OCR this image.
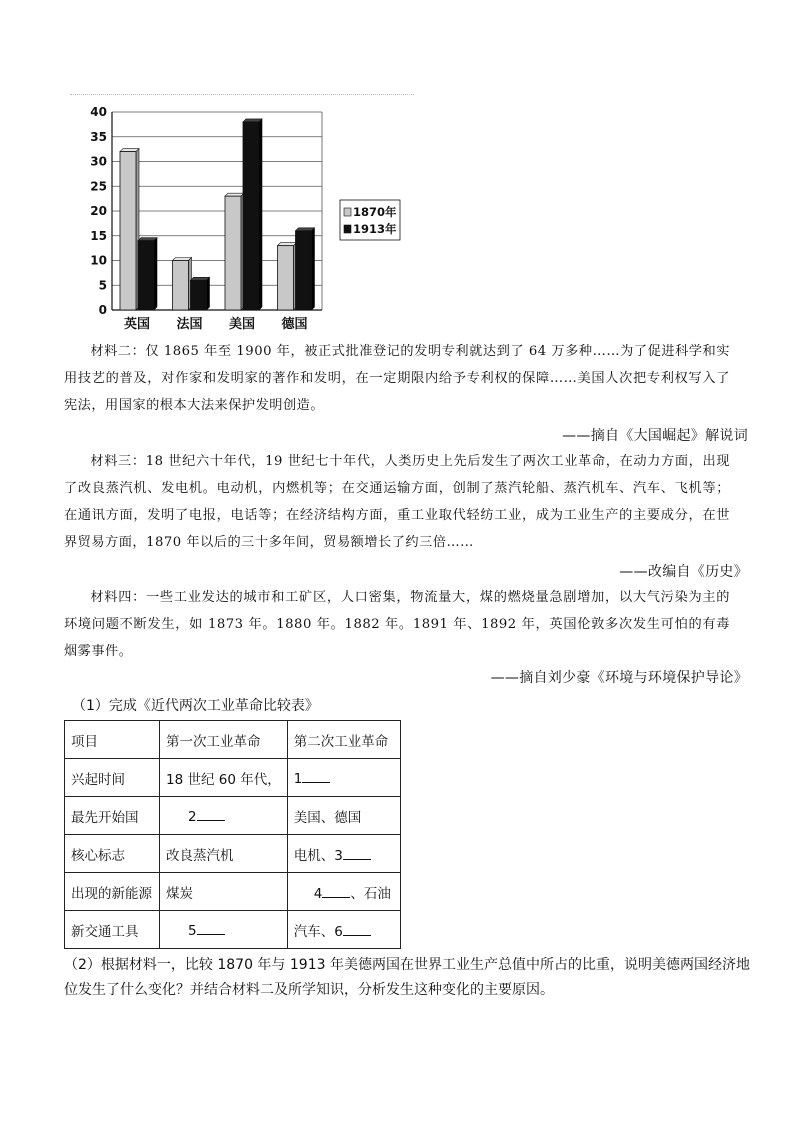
0
5
10
15
20
25
30
35
40
英国 法国 美国 德国
1870年
1913年

材料二：仅 1865 年至 1900 年，被正式批准登记的发明专利就达到了 64 万多种……为了促进科学和实用技艺的普及，对作家和发明家的著作和发明，在一定期限内给予专利权的保障……美国人次把专利权写入了宪法，用国家的根本大法来保护发明创造。

——摘自《大国崛起》解说词

材料三：18 世纪六十年代，19 世纪七十年代，人类历史上先后发生了两次工业革命，在动力方面，出现了改良蒸汽机、发电机。电动机，内燃机等；在交通运输方面，创制了蒸汽轮船、蒸汽机车、汽车、飞机等；在通讯方面，发明了电报，电话等；在经济结构方面，重工业取代轻纺工业，成为工业生产的主要成分，在世界贸易方面，1870 年以后的三十多年间，贸易额增长了约三倍……

——改编自《历史》

材料四：一些工业发达的城市和工矿区，人口密集，物流量大，煤的燃烧量急剧增加，以大气污染为主的环境问题不断发生，如 1873 年。1880 年。1882 年。1891 年、1892 年，英国伦敦多次发生可怕的有毒烟雾事件。

——摘自刘少豪《环境与环境保护导论》

（1）完成《近代两次工业革命比较表》

项目	第一次工业革命	第二次工业革命
兴起时间	18 世纪 60 年代，	1
最先开始国	2	美国、德国
核心标志	改良蒸汽机	电机、3
出现的新能源	煤炭	4 、石油
新交通工具	5	汽车、6

（2）根据材料一，比较 1870 年与 1913 年美德两国在世界工业生产总值中所占的比重，说明美德两国经济地位发生了什么变化？并结合材料二及所学知识，分析发生这种变化的主要原因。
